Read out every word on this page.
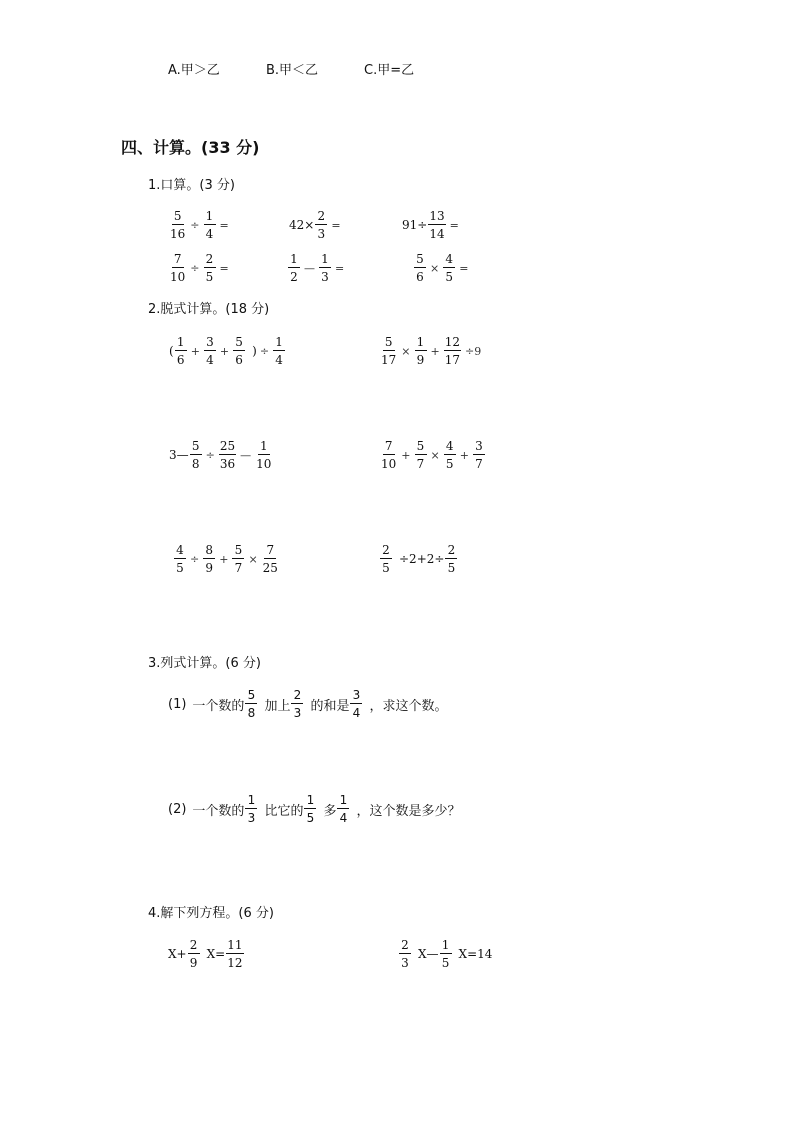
A.甲＞乙	B.甲＜乙	C.甲=乙
四、计算。(33 分)
1.口算。(3 分)
$\frac{5}{16} \div \frac{1}{4}$ =	$42\times \frac{2}{3}$ =	$91\div \frac{13}{14}$ =
$\frac{7}{10} \div \frac{2}{5}$ =	$\frac{1}{2}$ — $\frac{1}{3}$ =	$\frac{5}{6} \times \frac{4}{5}$ =
2.脱式计算。(18 分)
( $\frac{1}{6} + \frac{3}{4} + \frac{5}{6}$ ) ÷ $\frac{1}{4}$	$\frac{5}{17} \times \frac{1}{9} + \frac{12}{17} \div 9$
3— $\frac{5}{8} \div \frac{25}{36}$ — $\frac{1}{10}$	$\frac{7}{10} + \frac{5}{7} \times \frac{4}{5} + \frac{3}{7}$
$\frac{4}{5} \div \frac{8}{9} + \frac{5}{7} \times \frac{7}{25}$	$\frac{2}{5} \div 2+2\div \frac{2}{5}$
3.列式计算。(6 分)
(1) 一个数的 $\frac{5}{8}$ 加上 $\frac{2}{3}$ 的和是 $\frac{3}{4}$ ，求这个数。
(2) 一个数的 $\frac{1}{3}$ 比它的 $\frac{1}{5}$ 多 $\frac{1}{4}$ ，这个数是多少？
4.解下列方程。(6 分)
$X+ \frac{2}{9} X= \frac{11}{12}$	$\frac{2}{3}$ X— $\frac{1}{5} X=14$
